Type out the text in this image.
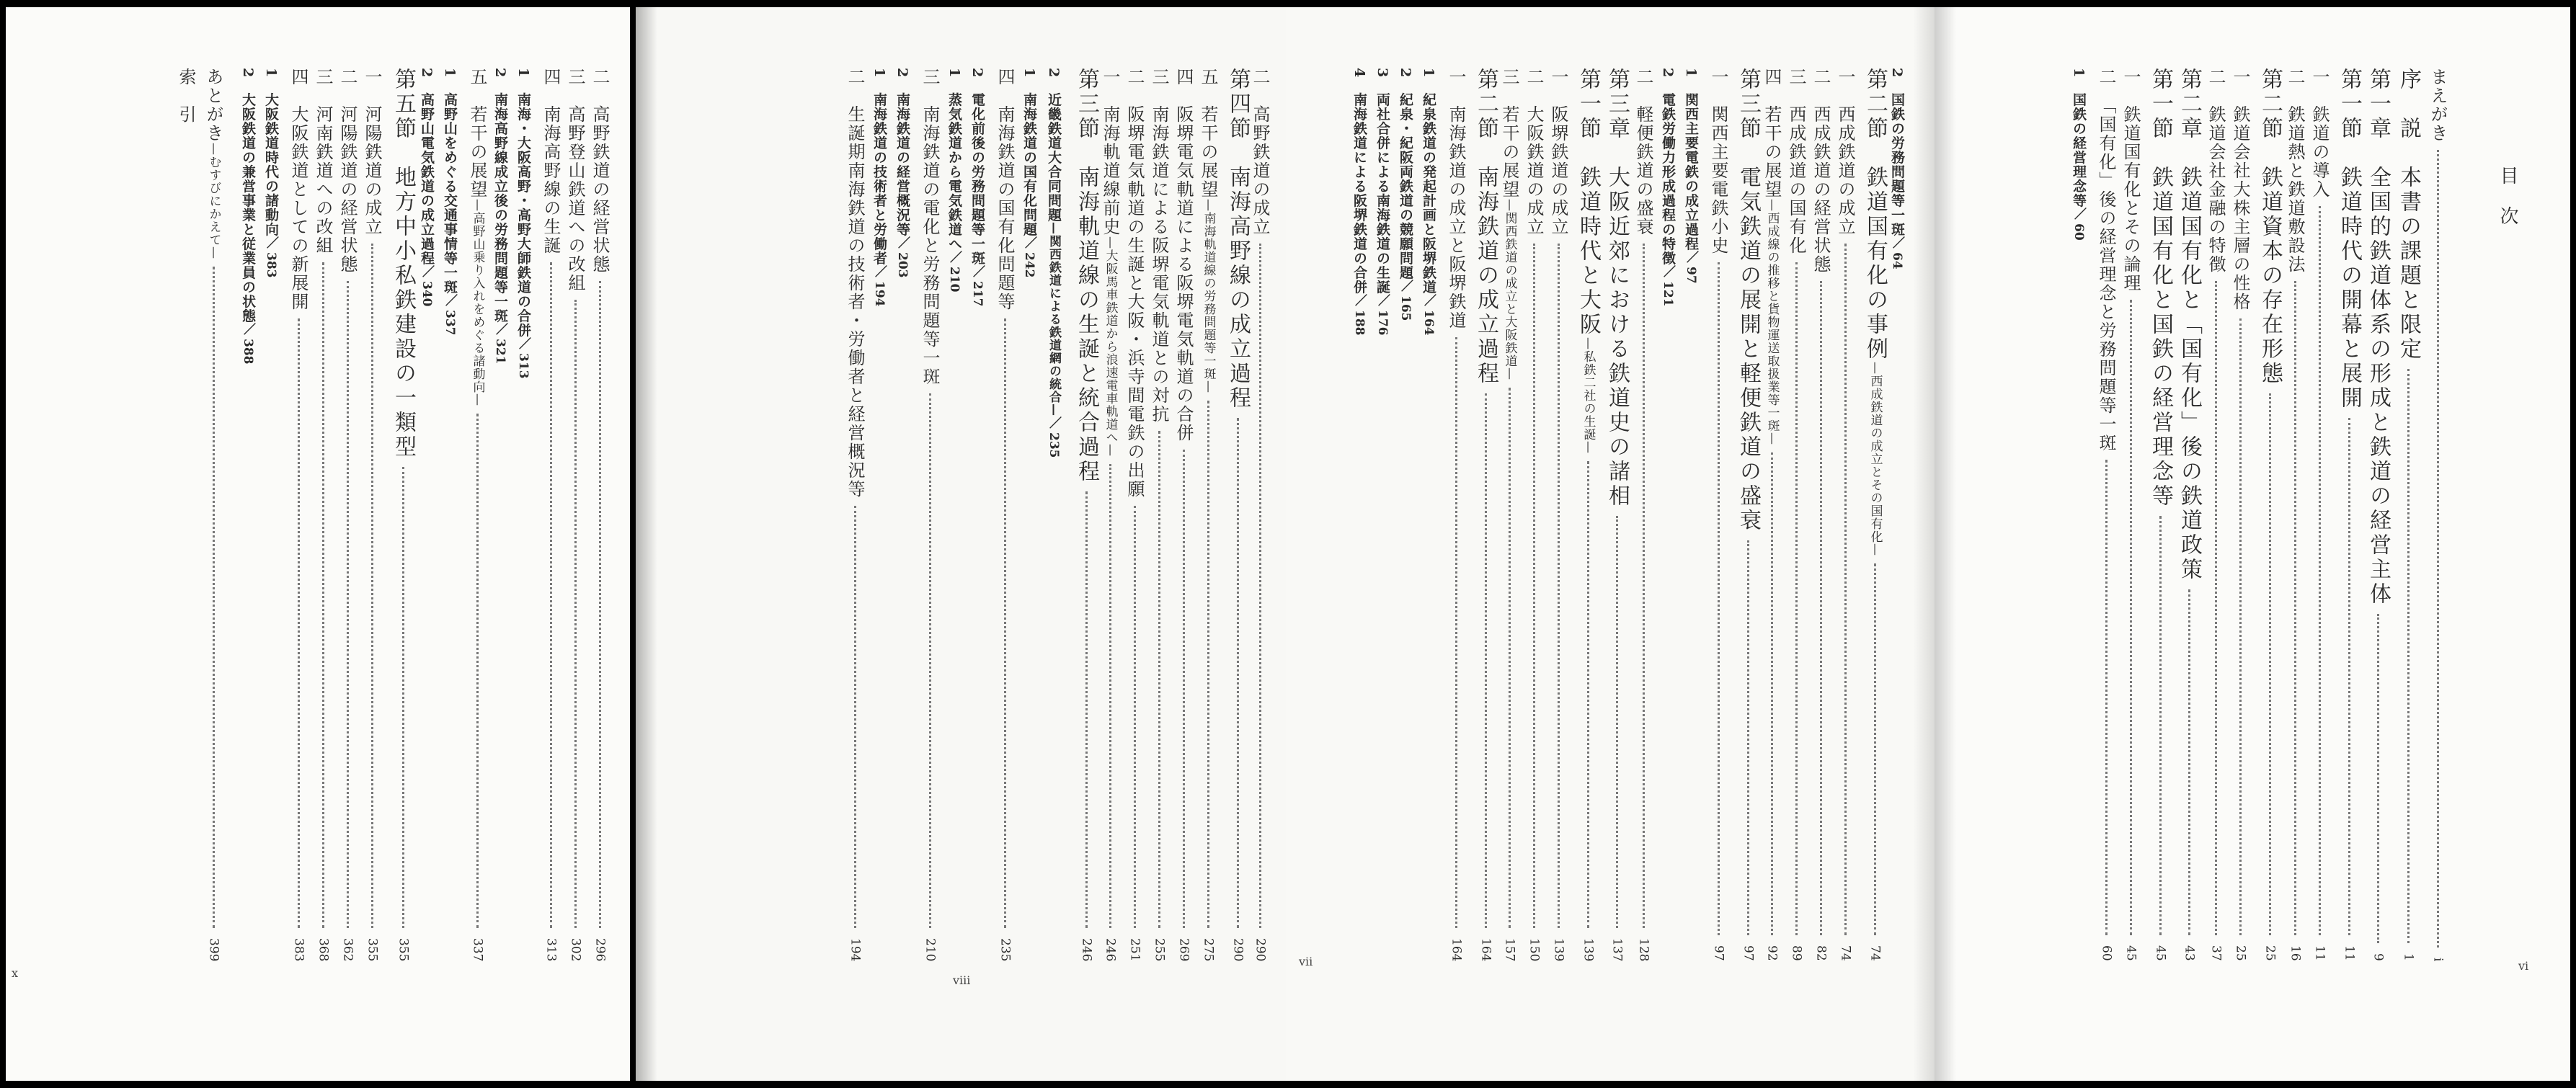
二　高野鉄道の経営状態
296
三　高野登山鉄道への改組
302
四　南海高野線の生誕
313
1　南海・大阪高野・高野大師鉄道の合併
／
313
2　南海高野線成立後の労務問題等一斑
／
321
五　若干の展望
—高野山乗り入れをめぐる諸動向—
337
1　高野山をめぐる交通事情等一斑
／
337
2　高野山電気鉄道の成立過程
／
340
第五節　地方中小私鉄建設の一類型
355
一　河陽鉄道の成立
355
二　河陽鉄道の経営状態
362
三　河南鉄道への改組
368
四　大阪鉄道としての新展開
383
1　大阪鉄道時代の諸動向
／
383
2　大阪鉄道の兼営事業と従業員の状態
／
388
あとがき
—むすびにかえて—
399
索　引
x
二　高野鉄道の成立
290
第四節　南海高野線の成立過程
290
五　若干の展望
—南海軌道線の労務問題等一斑—
275
四　阪堺電気軌道による阪堺電気軌道の合併
269
三　南海鉄道による阪堺電気軌道との対抗
255
二　阪堺電気軌道の生誕と大阪・浜寺間電鉄の出願
251
一　南海軌道線前史
—大阪馬車鉄道から浪速電車軌道へ—
246
第三節　南海軌道線の生誕と統合過程
246
2　近畿鉄道大合同問題
—関西鉄道による鉄道網の統合—
／
235
1　南海鉄道の国有化問題
／
242
四　南海鉄道の国有化問題等
235
2　電化前後の労務問題等一斑
／
217
1　蒸気鉄道から電気鉄道へ
／
210
三　南海鉄道の電化と労務問題等一斑
210
2　南海鉄道の経営概況等
／
203
1　南海鉄道の技術者と労働者
／
194
二　生誕期南海鉄道の技術者・労働者と経営概況等
194
viii
2　国鉄の労務問題等一斑
／
64
第二節　鉄道国有化の事例
—西成鉄道の成立とその国有化—
74
一　西成鉄道の成立
74
二　西成鉄道の経営状態
82
三　西成鉄道の国有化
89
四　若干の展望
—西成線の推移と貨物運送取扱業等一斑—
92
第三節　電気鉄道の展開と軽便鉄道の盛衰
97
一　関西主要電鉄小史
97
1　関西主要電鉄の成立過程
／
97
2　電鉄労働力形成過程の特徴
／
121
二　軽便鉄道の盛衰
128
第三章　大阪近郊における鉄道史の諸相
137
第一節　鉄道時代と大阪
—私鉄二社の生誕—
139
一　阪堺鉄道の成立
139
二　大阪鉄道の成立
150
三　若干の展望
—関西鉄道の成立と大阪鉄道—
157
第二節　南海鉄道の成立過程
164
一　南海鉄道の成立と阪堺鉄道
164
1　紀泉鉄道の発起計画と阪堺鉄道
／
164
2　紀泉・紀阪両鉄道の競願問題
／
165
3　両社合併による南海鉄道の生誕
／
176
4　南海鉄道による阪堺鉄道の合併
／
188
vii
目　次
まえがき
i
序　説　本書の課題と限定
1
第一章　全国的鉄道体系の形成と鉄道の経営主体
9
第一節　鉄道時代の開幕と展開
11
一　鉄道の導入
11
二　鉄道熱と鉄道敷設法
16
第二節　鉄道資本の存在形態
25
一　鉄道会社大株主層の性格
25
二　鉄道会社金融の特徴
37
第二章　鉄道国有化と「国有化」後の鉄道政策
43
第一節　鉄道国有化と国鉄の経営理念等
45
一　鉄道国有化とその論理
45
二　「国有化」後の経営理念と労務問題等一斑
60
1　国鉄の経営理念等
／
60
vi
